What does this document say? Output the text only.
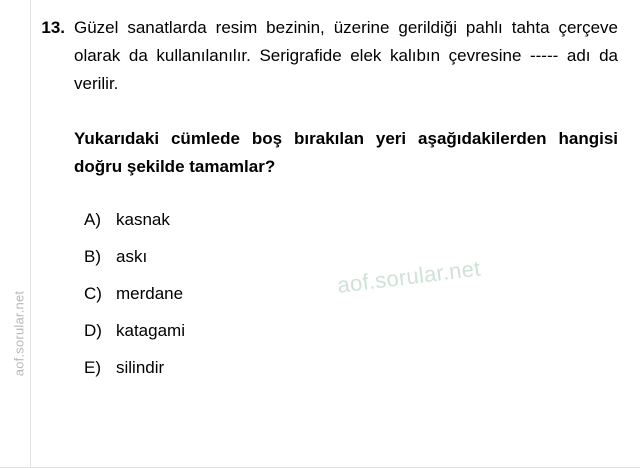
aof.sorular.net
13. Güzel sanatlarda resim bezinin, üzerine gerildiği pahlı tahta çerçeve olarak da kullanılanılır. Serigrafide elek kalıbın çevresine ----- adı da verilir.

Yukarıdaki cümlede boş bırakılan yeri aşağıdakilerden hangisi doğru şekilde tamamlar?

A) kasnak
B) askı
C) merdane
D) katagami
E) silindir
aof.sorular.net
